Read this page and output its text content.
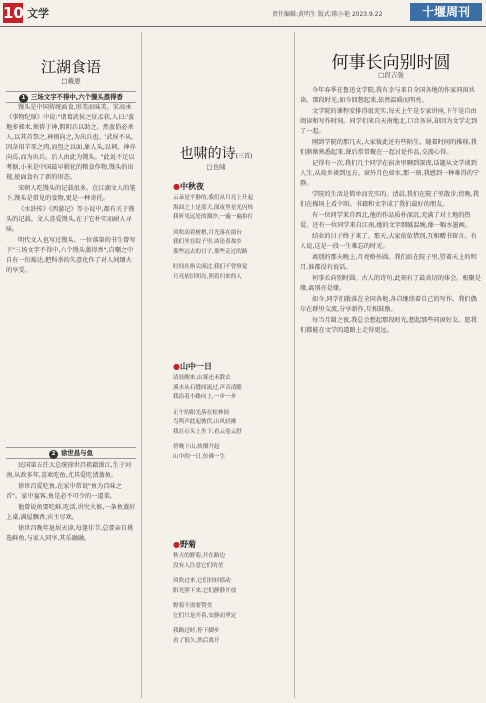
10 文学	责任编辑:黄明生 版式:陈小艳 2023.9.22	十堰周刊
江湖食语
□戴惠
1 三场文字不得中,六个馒头蒸得香

馒头是中国传统面食,形美而味美。宋高承《事物纪原》中说:"诸葛武侯之征孟获,人曰:'蛮地多邪术,须祷于神,假阴兵以助之。然蛮俗必杀人,以其首祭之,神则向之,为出兵也。'武侯不从,因杂用羊豕之肉,而包之以面,象人头,以祠。神亦向焉,而为出兵。后人由此为馒头。"此说不足以考据,小米是中国最早驯化的粮食作物,馒头的出现,使面食有了新的形态。

宋朝人吃馒头的记载很多。在江湖文人的笔下,馒头是常见的食物,更是一种寄托。

《水浒传》《西游记》等小说中,都有关于馒头的记载。文人喜爱馒头,在于它朴实而耐人寻味。

明代文人也写过馒头。一位落第的书生曾写下"三场文字不得中,六个馒头蒸得香",自嘲之中自有一份豁达,把科举的失意化作了对人间烟火的享受。

2 徐世昌与鱼

民国第五任大总统徐世昌祖籍浙江,生于河南,从政多年,喜欢吃鱼,尤其爱吃清蒸鱼。

徐世昌爱吃鱼,在家中常说"鱼为百味之首"。家中宴客,鱼是必不可少的一道菜。

他曾说鱼要吃鲜,吃活,讲究火候,一条鱼蒸好上桌,满屋飘香,宾主尽欢。

徐世昌晚年退居天津,每逢佳节,总要亲自挑选鲜鱼,与家人同享,其乐融融。

也啸的诗(三首)
□也啸
●中秋夜
云朵是平静的,我们从月亮上升起
海面之上是蓝天,深夜里星光闪烁
我听见远处的潮汐,一遍一遍拍打
风吹动着树梢,月光落在窗台
我们坐在院子里,谈论着故乡
那些远去的日子,那些走过的路
时间在指尖流过,我们不曾察觉
月亮依旧明亮,照着归来的人
●山中一日
清晨醒来,山雾还未散去
溪水从石缝间流过,声音清脆
我沿着小路向上,一步一步
正午的阳光落在松林间
鸟鸣声此起彼伏,山风轻拂
我在石头上坐下,看云卷云舒
傍晚下山,炊烟升起
山中的一日,仿佛一生
●野菊
秋天的野菊,开在路边
没有人注意它们的美
风吹过来,它们轻轻摇动
阳光照下来,它们静静开放
野菊不需要赞美
它们只是开着,安静而坚定
我路过时,停下脚步
看了很久,然后离开
何事长向别时圆
□段吉强

今年春季在鲁迅文学院,我有幸与来自全国各地的作家同窗共读。那段时光,如今回想起来,依然温暖而明亮。

文学院的课程安排得很充实,每天上午是专家讲座,下午是自由阅读和写作时间。同学们来自天南地北,口音各异,却因为文学走到了一起。

刚到学院的那几天,大家彼此还有些陌生。随着时间的推移,我们渐渐熟悉起来,课后常常聚在一起讨论作品,交流心得。

记得有一次,我们几个同学在宿舍里聊到深夜,话题从文学谈到人生,从故乡谈到远方。窗外月色如水,那一刻,我感到一种难得的宁静。

学院的生活是简单而充实的。清晨,我们在院子里散步;傍晚,我们在操场上看夕阳。书籍和文字成了我们最好的朋友。

有一位同学来自西北,他的作品质朴深沉,充满了对土地的热爱。还有一位同学来自江南,她的文字细腻温婉,像一幅水墨画。

结业的日子终于来了。那天,大家依依惜别,互相赠书留言。有人说,这是一段一生难忘的时光。

离别的那天晚上,月亮格外圆。我们站在院子里,望着天上的明月,谁都没有说话。

何事长向别时圆。古人的诗句,此刻有了最真切的体会。相聚是缘,离别亦是缘。

如今,同学们散落在全国各地,各自继续着自己的写作。我们偶尔在群里交流,分享新作,互相鼓励。

每当月圆之夜,我总会想起那段时光,想起那些同窗好友。愿我们都能在文学的道路上走得更远。
